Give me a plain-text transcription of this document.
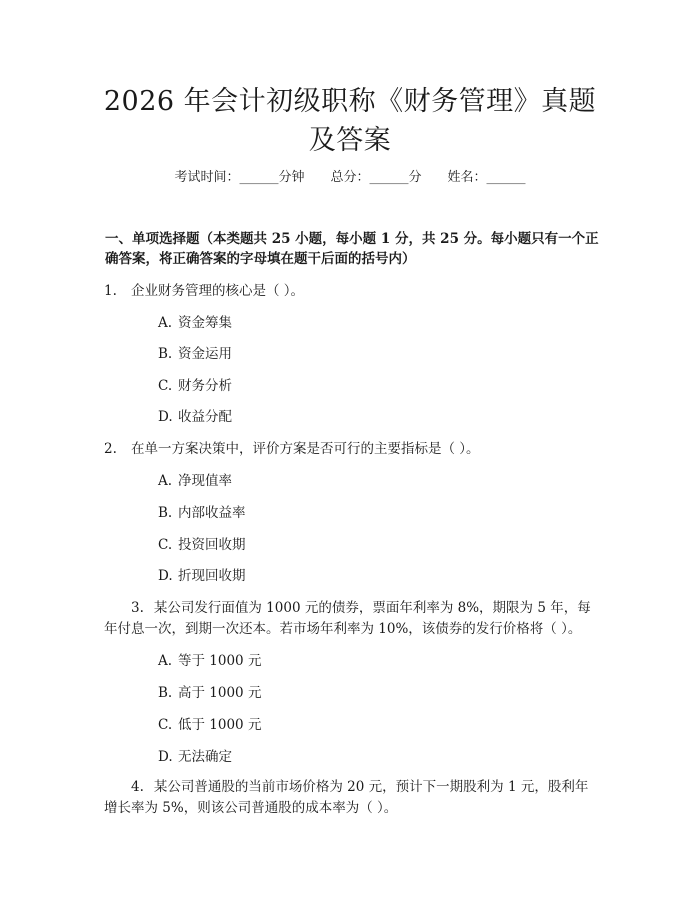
2026 年会计初级职称《财务管理》真题及答案
考试时间：______分钟 总分：______分 姓名：______
一、单项选择题（本类题共 25 小题，每小题 1 分，共 25 分。每小题只有一个正确答案，将正确答案的字母填在题干后面的括号内）
1. 企业财务管理的核心是（ ）。
A. 资金筹集
B. 资金运用
C. 财务分析
D. 收益分配
2. 在单一方案决策中，评价方案是否可行的主要指标是（ ）。
A. 净现值率
B. 内部收益率
C. 投资回收期
D. 折现回收期
3. 某公司发行面值为 1000 元的债券，票面年利率为 8%，期限为 5 年，每年付息一次，到期一次还本。若市场年利率为 10%，该债券的发行价格将（ ）。
A. 等于 1000 元
B. 高于 1000 元
C. 低于 1000 元
D. 无法确定
4. 某公司普通股的当前市场价格为 20 元，预计下一期股利为 1 元，股利年增长率为 5%，则该公司普通股的成本率为（ ）。
